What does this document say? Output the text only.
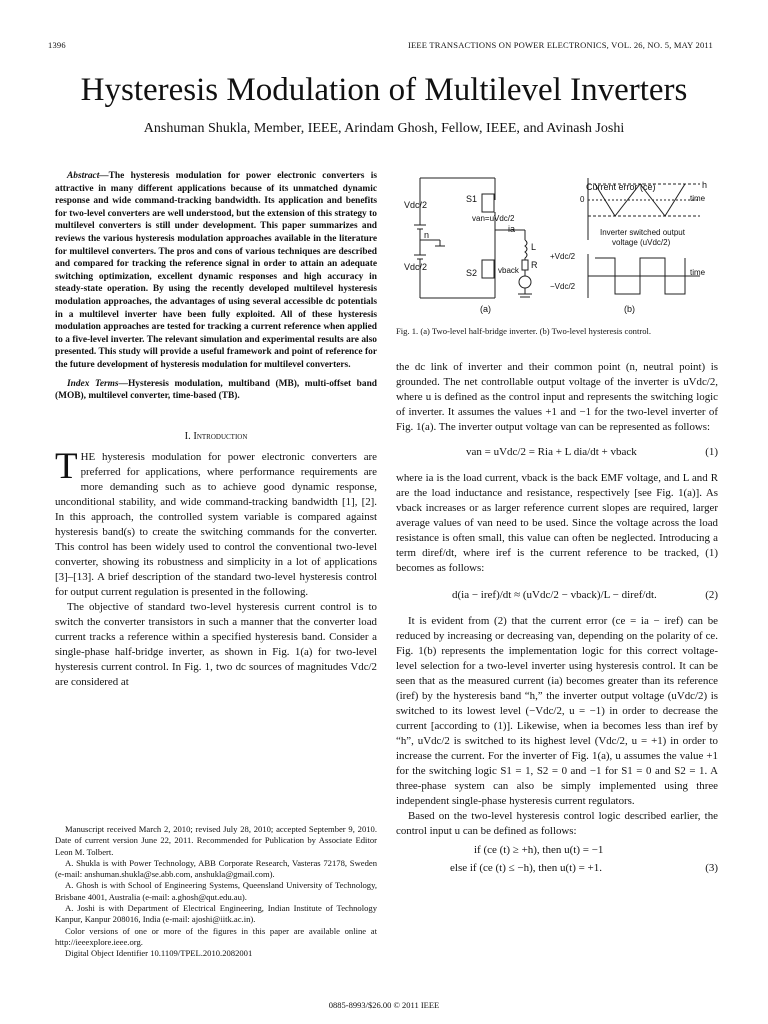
1396	IEEE TRANSACTIONS ON POWER ELECTRONICS, VOL. 26, NO. 5, MAY 2011
Hysteresis Modulation of Multilevel Inverters
Anshuman Shukla, Member, IEEE, Arindam Ghosh, Fellow, IEEE, and Avinash Joshi

Abstract—The hysteresis modulation for power electronic converters is attractive in many different applications because of its unmatched dynamic response and wide command-tracking bandwidth. Its application and benefits for two-level converters are well understood, but the extension of this strategy to multilevel converters is still under development. This paper summarizes and reviews the various hysteresis modulation approaches available in the literature for multilevel converters. The pros and cons of various techniques are described and compared for tracking the reference signal in order to attain an adequate switching optimization, excellent dynamic responses and high accuracy in steady-state operation. By using the recently developed multilevel hysteresis modulation approaches, the advantages of using several accessible dc potentials in a multilevel inverter have been fully exploited. All of these hysteresis modulation approaches are tested for tracking a current reference when applied to a five-level inverter. The relevant simulation and experimental results are also presented. This study will provide a useful framework and point of reference for the future development of hysteresis modulation for multilevel converters.

Index Terms—Hysteresis modulation, multiband (MB), multi-offset band (MOB), multilevel converter, time-based (TB).

I. Introduction

THE hysteresis modulation for power electronic converters are preferred for applications, where performance requirements are more demanding such as to achieve good dynamic response, unconditional stability, and wide command-tracking bandwidth [1], [2]. In this approach, the controlled system variable is compared against hysteresis band(s) to create the switching commands for the converter. This control has been widely used to control the conventional two-level converter, showing its robustness and simplicity in a lot of applications [3]–[13]. A brief description of the standard two-level hysteresis control for output current regulation is presented in the following.

The objective of standard two-level hysteresis current control is to switch the converter transistors in such a manner that the converter load current tracks a reference within a specified hysteresis band. Consider a single-phase half-bridge inverter, as shown in Fig. 1(a) for two-level hysteresis current control. In Fig. 1, two dc sources of magnitudes Vdc/2 are considered at

Manuscript received March 2, 2010; revised July 28, 2010; accepted September 9, 2010. Date of current version June 22, 2011. Recommended for Publication by Associate Editor Leon M. Tolbert.

A. Shukla is with Power Technology, ABB Corporate Research, Vasteras 72178, Sweden (e-mail: anshuman.shukla@se.abb.com, anshukla@gmail.com).

A. Ghosh is with School of Engineering Systems, Queensland University of Technology, Brisbane 4001, Australia (e-mail: a.ghosh@qut.edu.au).

A. Joshi is with Department of Electrical Engineering, Indian Institute of Technology Kanpur, Kanpur 208016, India (e-mail: ajoshi@iitk.ac.in).

Color versions of one or more of the figures in this paper are available online at http://ieeexplore.ieee.org.

Digital Object Identifier 10.1109/TPEL.2010.2082001

Vdc/2
Vdc/2
S1
S2
n
van=uVdc/2
ia
L
R
vback
Current error (ce)
0
h
time
Inverter switched output
voltage (uVdc/2)
+Vdc/2
−Vdc/2
time
(a)	(b)
Fig. 1. (a) Two-level half-bridge inverter. (b) Two-level hysteresis control.

the dc link of inverter and their common point (n, neutral point) is grounded. The net controllable output voltage of the inverter is uVdc/2, where u is defined as the control input and represents the switching logic of inverter. It assumes the values +1 and −1 for the two-level inverter of Fig. 1(a). The inverter output voltage van can be represented as follows:

van = uVdc/2 = Ria + L dia/dt + vback	(1)

where ia is the load current, vback is the back EMF voltage, and L and R are the load inductance and resistance, respectively [see Fig. 1(a)]. As vback increases or as larger reference current slopes are required, larger average values of van need to be used. Since the voltage across the load resistance is often small, this value can often be neglected. Introducing a term diref/dt, where iref is the current reference to be tracked, (1) becomes as follows:

d(ia − iref)/dt ≈ (uVdc/2 − vback)/L − diref/dt.	(2)

It is evident from (2) that the current error (ce = ia − iref) can be reduced by increasing or decreasing van, depending on the polarity of ce. Fig. 1(b) represents the implementation logic for this correct voltage-level selection for a two-level inverter using hysteresis control. It can be seen that as the measured current (ia) becomes greater than its reference (iref) by the hysteresis band “h,” the inverter output voltage (uVdc/2) is switched to its lowest level (−Vdc/2, u = −1) in order to decrease the current [according to (1)]. Likewise, when ia becomes less than iref by “h”, uVdc/2 is switched to its highest level (Vdc/2, u = +1) in order to increase the current. For the inverter of Fig. 1(a), u assumes the value +1 for the switching logic S1 = 1, S2 = 0 and −1 for S1 = 0 and S2 = 1. A three-phase system can also be simply implemented using three independent single-phase hysteresis current regulators.

Based on the two-level hysteresis control logic described earlier, the control input u can be defined as follows:

if (ce (t) ≥ +h), then u(t) = −1
else if (ce (t) ≤ −h), then u(t) = +1.	(3)
0885-8993/$26.00 © 2011 IEEE
